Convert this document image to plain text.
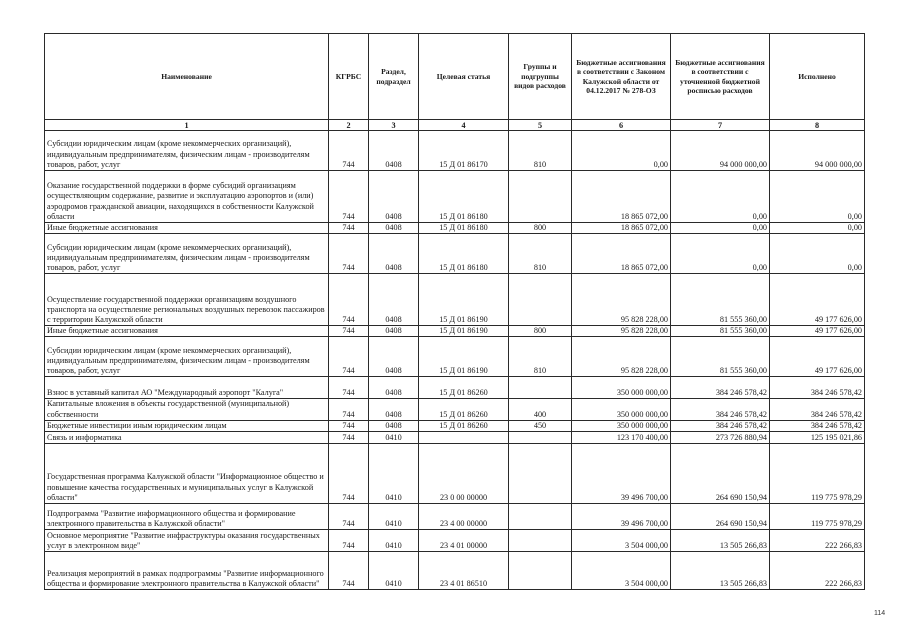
Наименование	КГРБС	Раздел, подраздел	Целевая статья	Группы и подгруппы видов расходов	Бюджетные ассигнования в соответствии с Законом Калужской области от 04.12.2017 № 278-ОЗ	Бюджетные ассигнования в соответствии с уточненной бюджетной росписью расходов	Исполнено
1	2	3	4	5	6	7	8
Субсидии юридическим лицам (кроме некоммерческих организаций), индивидуальным предпринимателям, физическим лицам - производителям товаров, работ, услуг	744	0408	15 Д 01 86170	810	0,00	94 000 000,00	94 000 000,00
Оказание государственной поддержки в форме субсидий организациям осуществляющим содержание, развитие и эксплуатацию аэропортов и (или) аэродромов гражданской авиации, находящихся в собственности Калужской области	744	0408	15 Д 01 86180		18 865 072,00	0,00	0,00
Иные бюджетные ассигнования	744	0408	15 Д 01 86180	800	18 865 072,00	0,00	0,00
Субсидии юридическим лицам (кроме некоммерческих организаций), индивидуальным предпринимателям, физическим лицам - производителям товаров, работ, услуг	744	0408	15 Д 01 86180	810	18 865 072,00	0,00	0,00
Осуществление государственной поддержки организациям воздушного транспорта на осуществление региональных воздушных перевозок пассажиров с территории Калужской области	744	0408	15 Д 01 86190		95 828 228,00	81 555 360,00	49 177 626,00
Иные бюджетные ассигнования	744	0408	15 Д 01 86190	800	95 828 228,00	81 555 360,00	49 177 626,00
Субсидии юридическим лицам (кроме некоммерческих организаций), индивидуальным предпринимателям, физическим лицам - производителям товаров, работ, услуг	744	0408	15 Д 01 86190	810	95 828 228,00	81 555 360,00	49 177 626,00
Взнос в уставный капитал АО "Международный аэропорт "Калуга"	744	0408	15 Д 01 86260		350 000 000,00	384 246 578,42	384 246 578,42
Капитальные вложения в объекты государственной (муниципальной) собственности	744	0408	15 Д 01 86260	400	350 000 000,00	384 246 578,42	384 246 578,42
Бюджетные инвестиции иным юридическим лицам	744	0408	15 Д 01 86260	450	350 000 000,00	384 246 578,42	384 246 578,42
Связь и информатика	744	0410			123 170 400,00	273 726 880,94	125 195 021,86
Государственная программа Калужской области "Информационное общество и повышение качества государственных и муниципальных услуг в Калужской области"	744	0410	23 0 00 00000		39 496 700,00	264 690 150,94	119 775 978,29
Подпрограмма "Развитие информационного общества и формирование электронного правительства в Калужской области"	744	0410	23 4 00 00000		39 496 700,00	264 690 150,94	119 775 978,29
Основное мероприятие "Развитие инфраструктуры оказания государственных услуг в электронном виде"	744	0410	23 4 01 00000		3 504 000,00	13 505 266,83	222 266,83
Реализация мероприятий в рамках подпрограммы "Развитие информационного общества и формирование электронного правительства в Калужской области"	744	0410	23 4 01 86510		3 504 000,00	13 505 266,83	222 266,83
114
